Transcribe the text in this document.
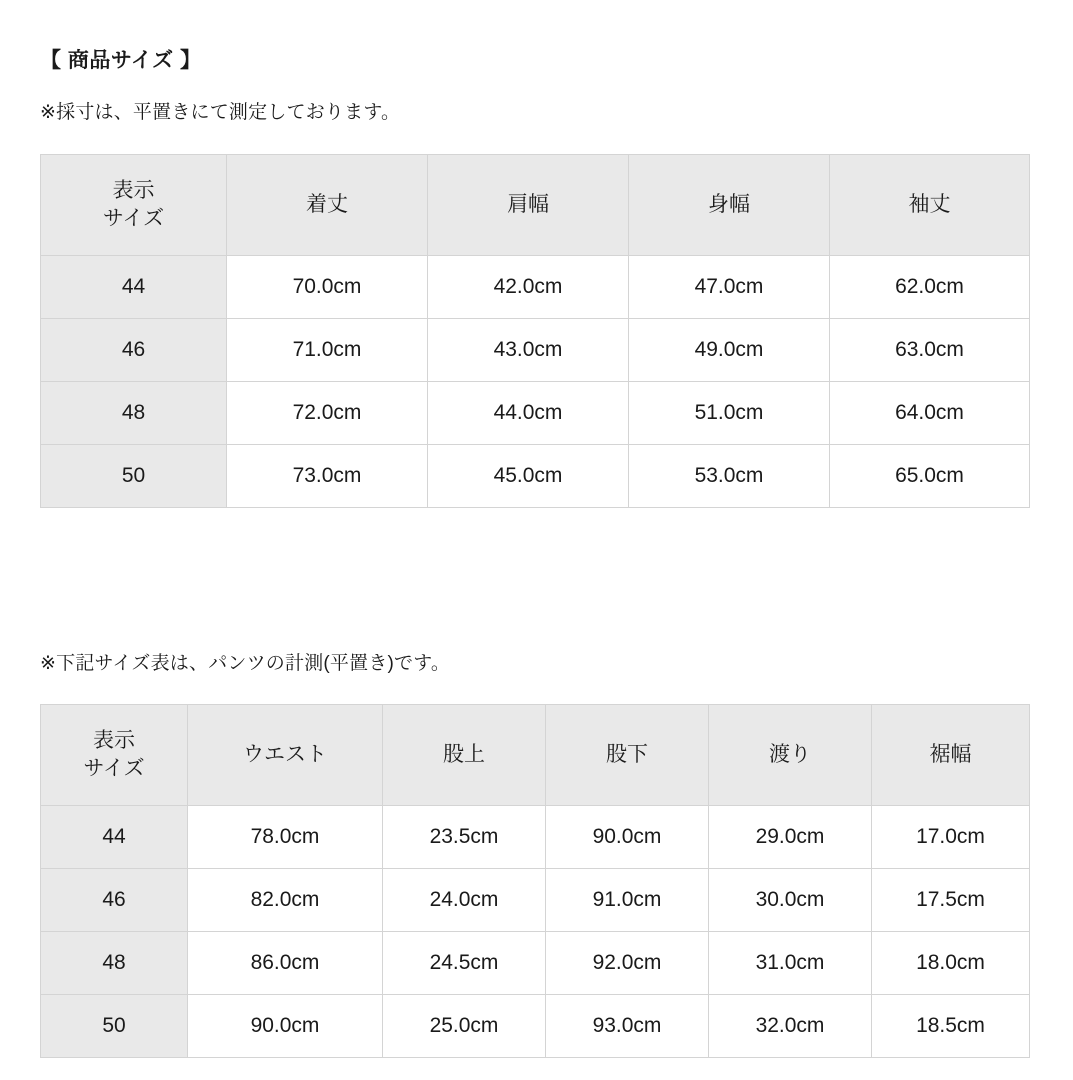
【 商品サイズ 】

※採寸は、平置きにて測定しております。

表示
サイズ	着丈	肩幅	身幅	袖丈
44	70.0cm	42.0cm	47.0cm	62.0cm
46	71.0cm	43.0cm	49.0cm	63.0cm
48	72.0cm	44.0cm	51.0cm	64.0cm
50	73.0cm	45.0cm	53.0cm	65.0cm

※下記サイズ表は、パンツの計測(平置き)です。

表示
サイズ	ウエスト	股上	股下	渡り	裾幅
44	78.0cm	23.5cm	90.0cm	29.0cm	17.0cm
46	82.0cm	24.0cm	91.0cm	30.0cm	17.5cm
48	86.0cm	24.5cm	92.0cm	31.0cm	18.0cm
50	90.0cm	25.0cm	93.0cm	32.0cm	18.5cm
